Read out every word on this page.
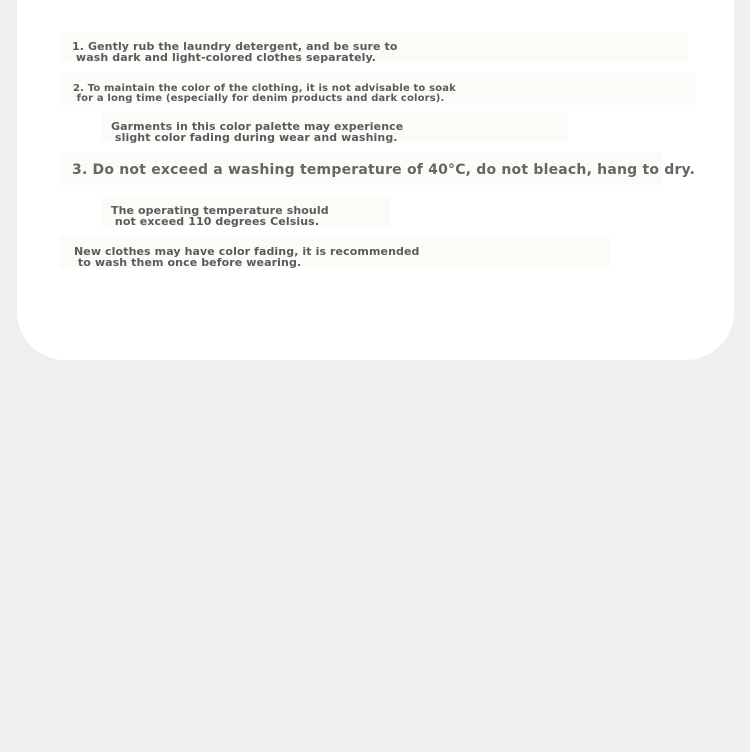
1. Gently rub the laundry detergent, and be sure to

wash dark and light-colored clothes separately.

2. To maintain the color of the clothing, it is not advisable to soak

for a long time (especially for denim products and dark colors).

Garments in this color palette may experience

slight color fading during wear and washing.

3. Do not exceed a washing temperature of 40°C, do not bleach, hang to dry.

The operating temperature should

not exceed 110 degrees Celsius.

New clothes may have color fading, it is recommended

to wash them once before wearing.
